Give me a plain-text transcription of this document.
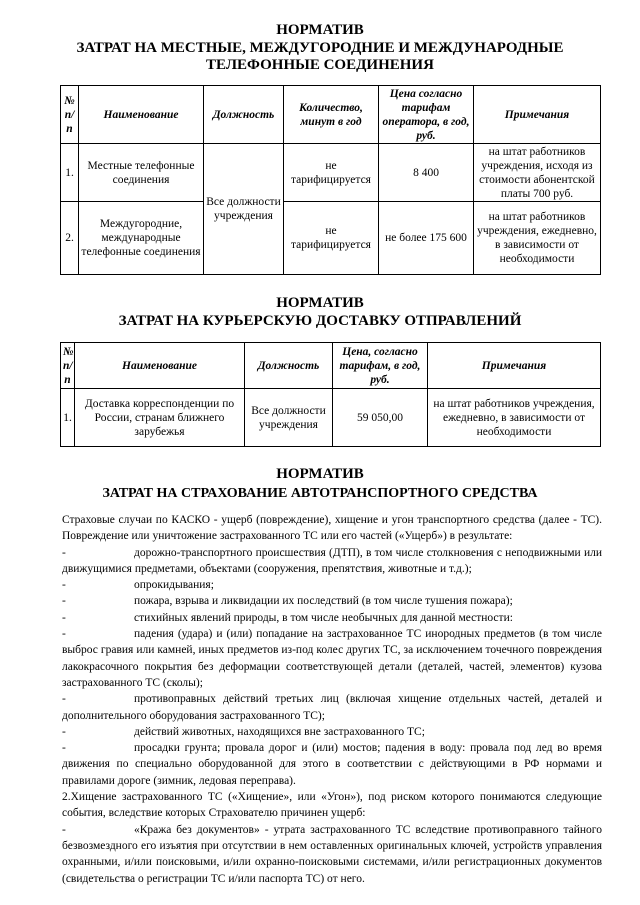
НОРМАТИВ
ЗАТРАТ НА МЕСТНЫЕ, МЕЖДУГОРОДНИЕ И МЕЖДУНАРОДНЫЕ
ТЕЛЕФОННЫЕ СОЕДИНЕНИЯ
№ п/п	Наименование	Должность	Количество, минут в год	Цена согласно тарифам оператора, в год, руб.	Примечания
1.	Местные телефонные соединения	Все должности учреждения	не тарифицируется	8 400	на штат работников учреждения, исходя из стоимости абонентской платы 700 руб.
2.	Междугородние, международные телефонные соединения		не тарифицируется	не более 175 600	на штат работников учреждения, ежедневно, в зависимости от необходимости
НОРМАТИВ
ЗАТРАТ НА КУРЬЕРСКУЮ ДОСТАВКУ ОТПРАВЛЕНИЙ
№ п/ п	Наименование	Должность	Цена, согласно тарифам, в год, руб.	Примечания
1.	Доставка корреспонденции по России, странам ближнего зарубежья	Все должности учреждения	59 050,00	на штат работников учреждения, ежедневно, в зависимости от необходимости
НОРМАТИВ
ЗАТРАТ НА СТРАХОВАНИЕ АВТОТРАНСПОРТНОГО СРЕДСТВА

Страховые случаи по КАСКО - ущерб (повреждение), хищение и угон транспортного средства (далее - ТС). Повреждение или уничтожение застрахованного ТС или его частей («Ущерб») в результате:

-	дорожно-транспортного происшествия (ДТП), в том числе столкновения с неподвижными или движущимися предметами, объектами (сооружения, препятствия, животные и т.д.);

-	опрокидывания;

-	пожара, взрыва и ликвидации их последствий (в том числе тушения пожара);

-	стихийных явлений природы, в том числе необычных для данной местности:

-	падения (удара) и (или) попадание на застрахованное ТС инородных предметов (в том числе выброс гравия или камней, иных предметов из-под колес других ТС, за исключением точечного повреждения лакокрасочного покрытия без деформации соответствующей детали (деталей, частей, элементов) кузова застрахованного ТС (сколы);

-	противоправных действий третьих лиц (включая хищение отдельных частей, деталей и дополнительного оборудования застрахованного ТС);

-	действий животных, находящихся вне застрахованного ТС;

-	просадки грунта; провала дорог и (или) мостов; падения в воду: провала под лед во время движения по специально оборудованной для этого в соответствии с действующими в РФ нормами и правилами дороге (зимник, ледовая переправа).

2.Хищение застрахованного ТС («Хищение», или «Угон»), под риском которого понимаются следующие события, вследствие которых Страхователю причинен ущерб:

-	«Кража без документов» - утрата застрахованного ТС вследствие противоправного тайного безвозмездного его изъятия при отсутствии в нем оставленных оригинальных ключей, устройств управления охранными, и/или поисковыми, и/или охранно-поисковыми системами, и/или регистрационных документов (свидетельства о регистрации ТС и/или паспорта ТС) от него.
